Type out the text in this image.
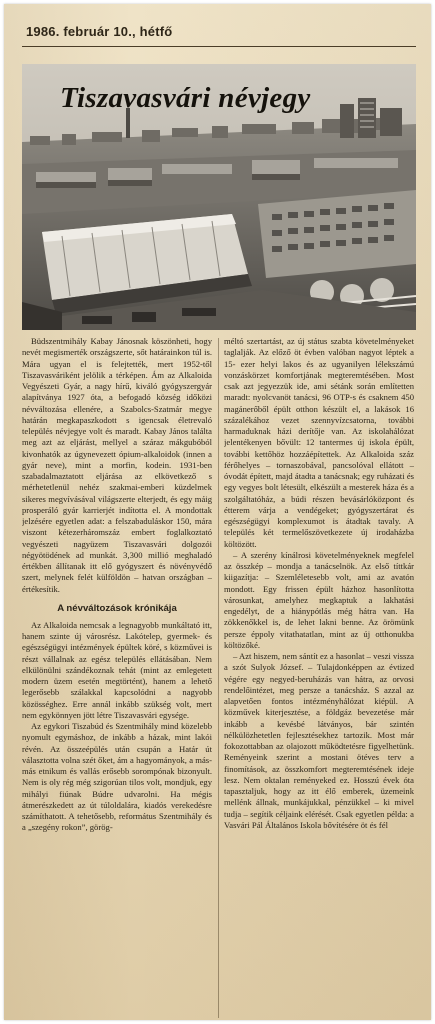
1986. február 10., hétfő
Tiszavasvári névjegy

Büdszentmihály Kabay Jánosnak köszönheti, hogy nevét megismerték országszerte, sőt határainkon túl is. Mára ugyan el is felejtették, mert 1952-től Tiszavasváriként jelölik a térképen. Ám az Alkaloida Vegyészeti Gyár, a nagy hírű, kiváló gyógyszergyár alapítványa 1927 óta, a befogadó község időközi névváltozása ellenére, a Szabolcs-Szatmár megye határán megkapaszkodott s igencsak életrevaló település névjegye volt és maradt. Kabay János találta meg azt az eljárást, mellyel a száraz mákgubóból kivonhatók az úgynevezett ópium-alkaloidok (innen a gyár neve), mint a morfin, kodein. 1931-ben szabadalmaztatott eljárása az elkövetkező s mérhetetlenül nehéz szakmai-emberi küzdelmek sikeres megvívásával világszerte elterjedt, és egy máig prosperáló gyár karrierjét indította el. A mondottak jelzésére egyetlen adat: a felszabaduláskor 150, mára viszont kétezerháromszáz embert foglalkoztató vegyészeti nagyüzem Tiszavasvári dolgozói négyötödének ad munkát. 3,300 millió meghaladó értékben állítanak itt elő gyógyszert és növényvédő szert, melynek felét külföldön – hatvan országban – értékesítik.

A névváltozások krónikája

Az Alkaloida nemcsak a legnagyobb munkáltató itt, hanem szinte új városrész. Lakótelep, gyermek- és egészségügyi intézmények épültek köré, s közművei is részt vállalnak az egész település ellátásában. Nem elkülönülni szándékoznak tehát (mint az emlegetett modern üzem esetén megtörtént), hanem a lehető legerősebb szálakkal kapcsolódni a nagyobb közösséghez. Erre annál inkább szükség volt, mert nem egykönnyen jött létre Tiszavasvári egysége.

Az egykori Tiszabúd és Szentmihály mind közelebb nyomult egymáshoz, de inkább a házak, mint lakói révén. Az összeépülés után csupán a Határ út választotta volna szét őket, ám a hagyományok, a más-más etnikum és vallás erősebb sorompónak bizonyult. Nem is oly rég még szigorúan tilos volt, mondjuk, egy mihályi fiúnak Búdre udvarolni. Ha mégis átmerészkedett az út túloldalára, kiadós verekedésre számíthatott. A tehetősebb, református Szentmihály és a „szegény rokon”, görög-

méltó szertartást, az új státus szabta követelményeket taglalják. Az előző öt évben valóban nagyot léptek a 15- ezer helyi lakos és az ugyanilyen lélekszámú vonzáskörzet komfortjának megteremtésében. Most csak azt jegyezzük ide, ami sétánk során említetten maradt: nyolcvanöt tanácsi, 96 OTP-s és csaknem 450 magánerőből épült otthon készült el, a lakások 16 százalékához vezet szennyvízcsatorna, további harmaduknak házi derítője van. Az iskolahálózat jelentékenyen bővült: 12 tantermes új iskola épült, további kettőhöz hozzáépítettek. Az Alkaloida száz férőhelyes – tornaszobával, pancsolóval ellátott – óvodát épített, majd átadta a tanácsnak; egy ruházati és egy vegyes bolt létesült, elkészült a mesterek háza és a szolgáltatóház, a búdi részen bevásárlóközpont és étterem várja a vendégeket; gyógyszertárat és egészségügyi komplexumot is átadtak tavaly. A település két termelőszövetkezete új irodaházba költözött.

– A szerény kínálrosi követelményeknek megfelel az összkép – mondja a tanácselnök. Az első títtkár kiigazítja: – Szemléletesebb volt, ami az avatón mondott. Egy frissen épült házhoz hasonlította városunkat, amelyhez megkaptuk a lakhatási engedélyt, de a hiánypótlás még hátra van. Ha zökkenőkkel is, de lehet lakni benne. Az örömünk persze éppoly vitathatatlan, mint az új otthonukba költözőké.

– Azt hiszem, nem sántít ez a hasonlat – veszi vissza a szót Sulyok József. – Tulajdonképpen az évtized végére egy negyed-beruházás van hátra, az orvosi rendelőintézet, meg persze a tanácsház. S azzal az alapvetően fontos intézményhálózat kiépül. A közművek kiterjesztése, a földgáz bevezetése már inkább a kevésbé látványos, bár szintén nélkülözhetetlen fejlesztésekhez tartozik. Most már fokozottabban az olajozott működtetésre figyelhetünk. Reményeink szerint a mostani ötéves terv a finomítások, az összkomfort megteremtésének ideje lesz. Nem oktalan reményeked ez. Hosszú évek óta tapasztaljuk, hogy az itt élő emberek, üzemeink mellénk állnak, munkájukkal, pénzükkel – ki mivel tudja – segítik céljaink elérését. Csak egyetlen példa: a Vasvári Pál Általános Iskola bővítésére öt és fél
